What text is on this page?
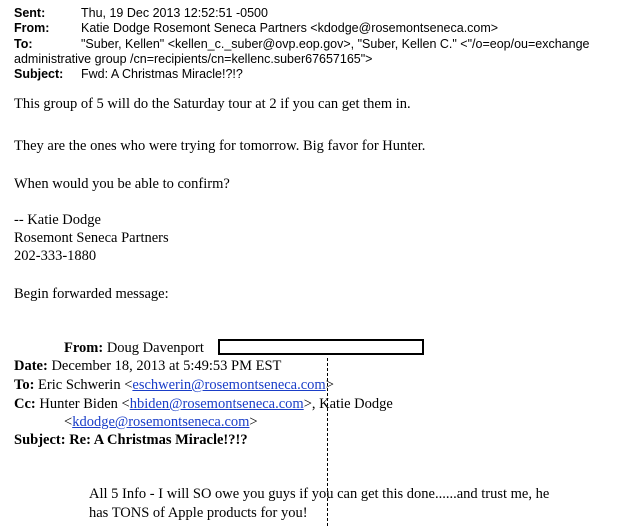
Sent:	Thu, 19 Dec 2013 12:52:51 -0500
From:	Katie Dodge Rosemont Seneca Partners <kdodge@rosemontseneca.com>
To:	"Suber, Kellen" <kellen_c._suber@ovp.eop.gov>, "Suber, Kellen C." <"/o=eop/ou=exchange
administrative group /cn=recipients/cn=kellenc.suber67657165">
Subject: Fwd: A Christmas Miracle!?!?
This group of 5 will do the Saturday tour at 2 if you can get them in.
They are the ones who were trying for tomorrow. Big favor for Hunter.
When would you be able to confirm?
-- Katie Dodge
Rosemont Seneca Partners
202-333-1880
Begin forwarded message:
From: Doug Davenport
Date: December 18, 2013 at 5:49:53 PM EST
To: Eric Schwerin <eschwerin@rosemontseneca.com>
Cc: Hunter Biden <hbiden@rosemontseneca.com>, Katie Dodge
<kdodge@rosemontseneca.com>
Subject: Re: A Christmas Miracle!?!?
All 5 Info - I will SO owe you guys if you can get this done......and trust me, he
has TONS of Apple products for you!
